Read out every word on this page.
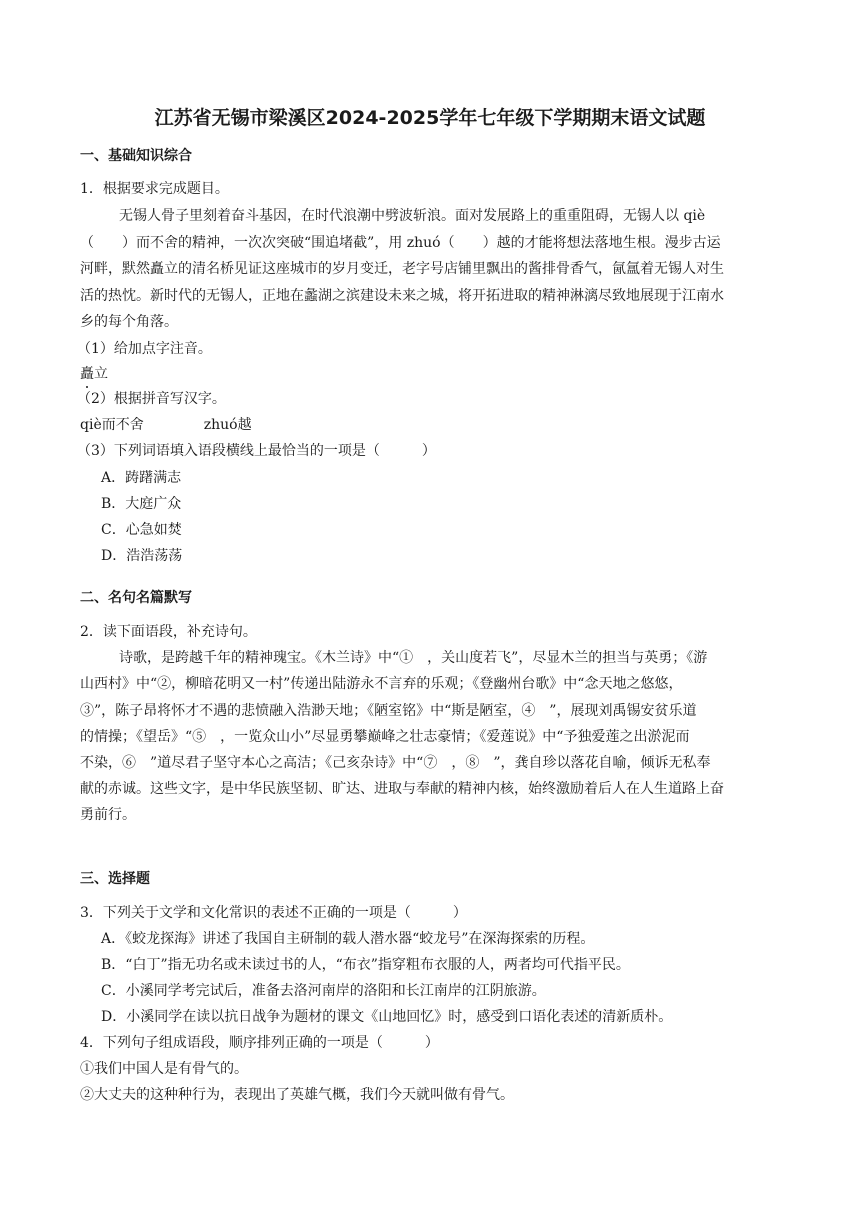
江苏省无锡市梁溪区2024-2025学年七年级下学期期末语文试题
一、基础知识综合
1．根据要求完成题目。
无锡人骨子里刻着奋斗基因，在时代浪潮中劈波斩浪。面对发展路上的重重阻碍，无锡人以 qiè
（　　）而不舍的精神，一次次突破“围追堵截”，用 zhuó（　　）越的才能将想法落地生根。漫步古运
河畔，默然矗立的清名桥见证这座城市的岁月变迁，老字号店铺里飘出的酱排骨香气，氤氲着无锡人对生
活的热忱。新时代的无锡人，正地在蠡湖之滨建设未来之城，将开拓进取的精神淋漓尽致地展现于江南水
乡的每个角落。
（1）给加点字注音。
矗立
（2）根据拼音写汉字。
qiè而不舍	zhuó越
（3）下列词语填入语段横线上最恰当的一项是（　　　）
A．踌躇满志
B．大庭广众
C．心急如焚
D．浩浩荡荡
二、名句名篇默写
2．读下面语段，补充诗句。
诗歌，是跨越千年的精神瑰宝。《木兰诗》中“①　，关山度若飞”，尽显木兰的担当与英勇；《游
山西村》中“②，柳暗花明又一村”传递出陆游永不言弃的乐观；《登幽州台歌》中“念天地之悠悠，
③”，陈子昂将怀才不遇的悲愤融入浩渺天地；《陋室铭》中“斯是陋室，④　”，展现刘禹锡安贫乐道
的情操；《望岳》“⑤　，一览众山小”尽显勇攀巅峰之壮志豪情；《爱莲说》中“予独爱莲之出淤泥而
不染，⑥　”道尽君子坚守本心之高洁；《己亥杂诗》中“⑦　，⑧　”，龚自珍以落花自喻，倾诉无私奉
献的赤诚。这些文字，是中华民族坚韧、旷达、进取与奉献的精神内核，始终激励着后人在人生道路上奋
勇前行。
三、选择题
3．下列关于文学和文化常识的表述不正确的一项是（　　　）
A．《蛟龙探海》讲述了我国自主研制的载人潜水器“蛟龙号”在深海探索的历程。
B．“白丁”指无功名或未读过书的人，“布衣”指穿粗布衣服的人，两者均可代指平民。
C．小溪同学考完试后，准备去洛河南岸的洛阳和长江南岸的江阴旅游。
D．小溪同学在读以抗日战争为题材的课文《山地回忆》时，感受到口语化表述的清新质朴。
4．下列句子组成语段，顺序排列正确的一项是（　　　）
①我们中国人是有骨气的。
②大丈夫的这种种行为，表现出了英雄气概，我们今天就叫做有骨气。
